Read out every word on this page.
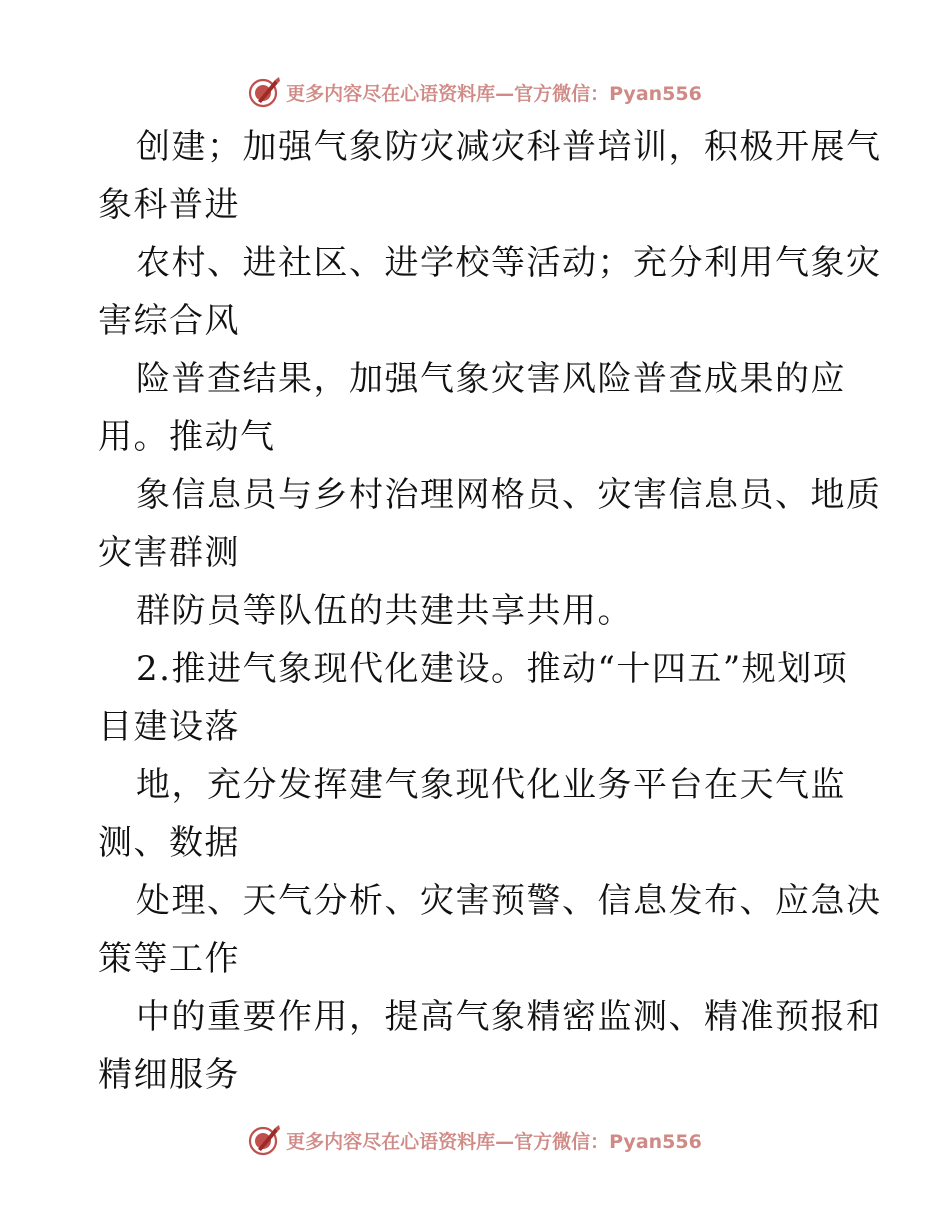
更多内容尽在心语资料库—官方微信：Pyan556
创建；加强气象防灾减灾科普培训，积极开展气
象科普进
农村、进社区、进学校等活动；充分利用气象灾
害综合风
险普查结果，加强气象灾害风险普查成果的应
用。推动气
象信息员与乡村治理网格员、灾害信息员、地质
灾害群测
群防员等队伍的共建共享共用。
2.推进气象现代化建设。推动“十四五”规划项
目建设落
地，充分发挥建气象现代化业务平台在天气监
测、数据
处理、天气分析、灾害预警、信息发布、应急决
策等工作
中的重要作用，提高气象精密监测、精准预报和
精细服务
更多内容尽在心语资料库—官方微信：Pyan556
